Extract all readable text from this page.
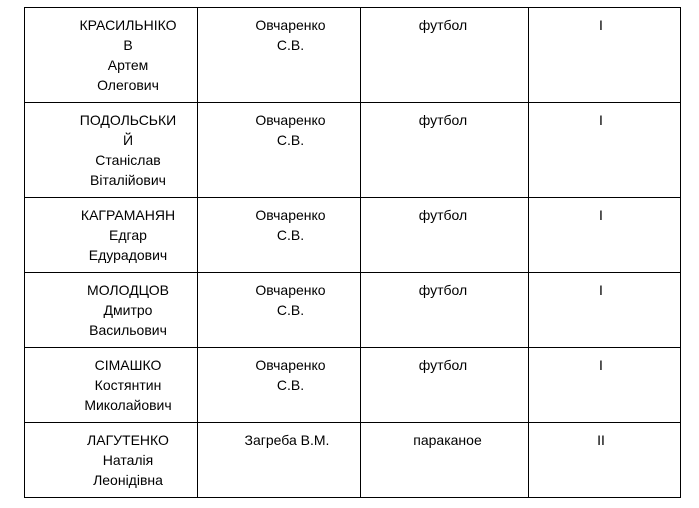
КРАСИЛЬНІКО
В
Артем
Олегович	Овчаренко
С.В.	футбол	I

ПОДОЛЬСЬКИ
Й
Станіслав
Віталійович	Овчаренко
С.В.	футбол	I

КАГРАМАНЯН
Едгар
Едурадович	Овчаренко
С.В.	футбол	I

МОЛОДЦОВ
Дмитро
Васильович	Овчаренко
С.В.	футбол	I

СІМАШКО
Костянтин
Миколайович	Овчаренко
С.В.	футбол	I

ЛАГУТЕНКО
Наталія
Леонідівна	Загреба В.М.	параканое	II
